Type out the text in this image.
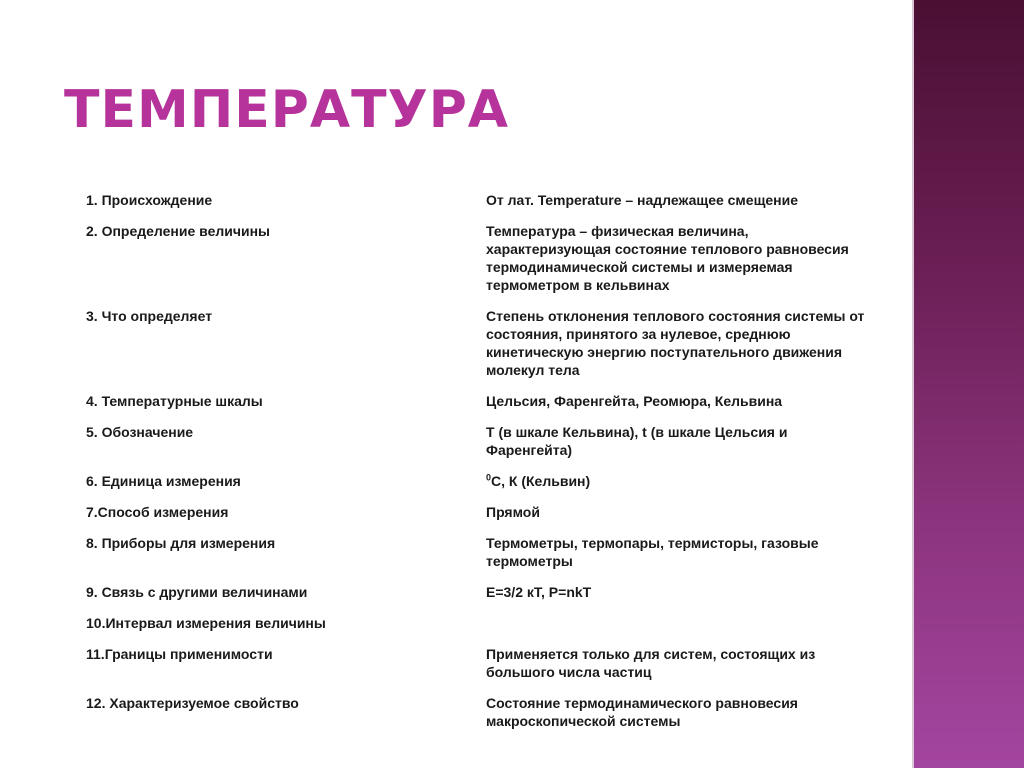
ТЕМПЕРАТУРА
1. Происхождение	От лат. Temperature – надлежащее смещение
2. Определение величины	Температура – физическая величина, характеризующая состояние теплового равновесия термодинамической системы и измеряемая термометром в кельвинах
3. Что определяет	Степень отклонения теплового состояния системы от состояния, принятого за нулевое, среднюю кинетическую энергию поступательного движения молекул тела
4. Температурные шкалы	Цельсия, Фаренгейта, Реомюра, Кельвина
5. Обозначение	Т (в шкале Кельвина), t (в шкале Цельсия и Фаренгейта)
6. Единица измерения	$^0$С, К (Кельвин)
7.Способ измерения	Прямой
8. Приборы для измерения	Термометры, термопары, термисторы, газовые термометры
9. Связь с другими величинами	Е=3/2 кТ, Р=nkT
10.Интервал измерения величины	
11.Границы применимости	Применяется только для систем, состоящих из большого числа частиц
12. Характеризуемое свойство	Состояние термодинамического равновесия макроскопической системы
